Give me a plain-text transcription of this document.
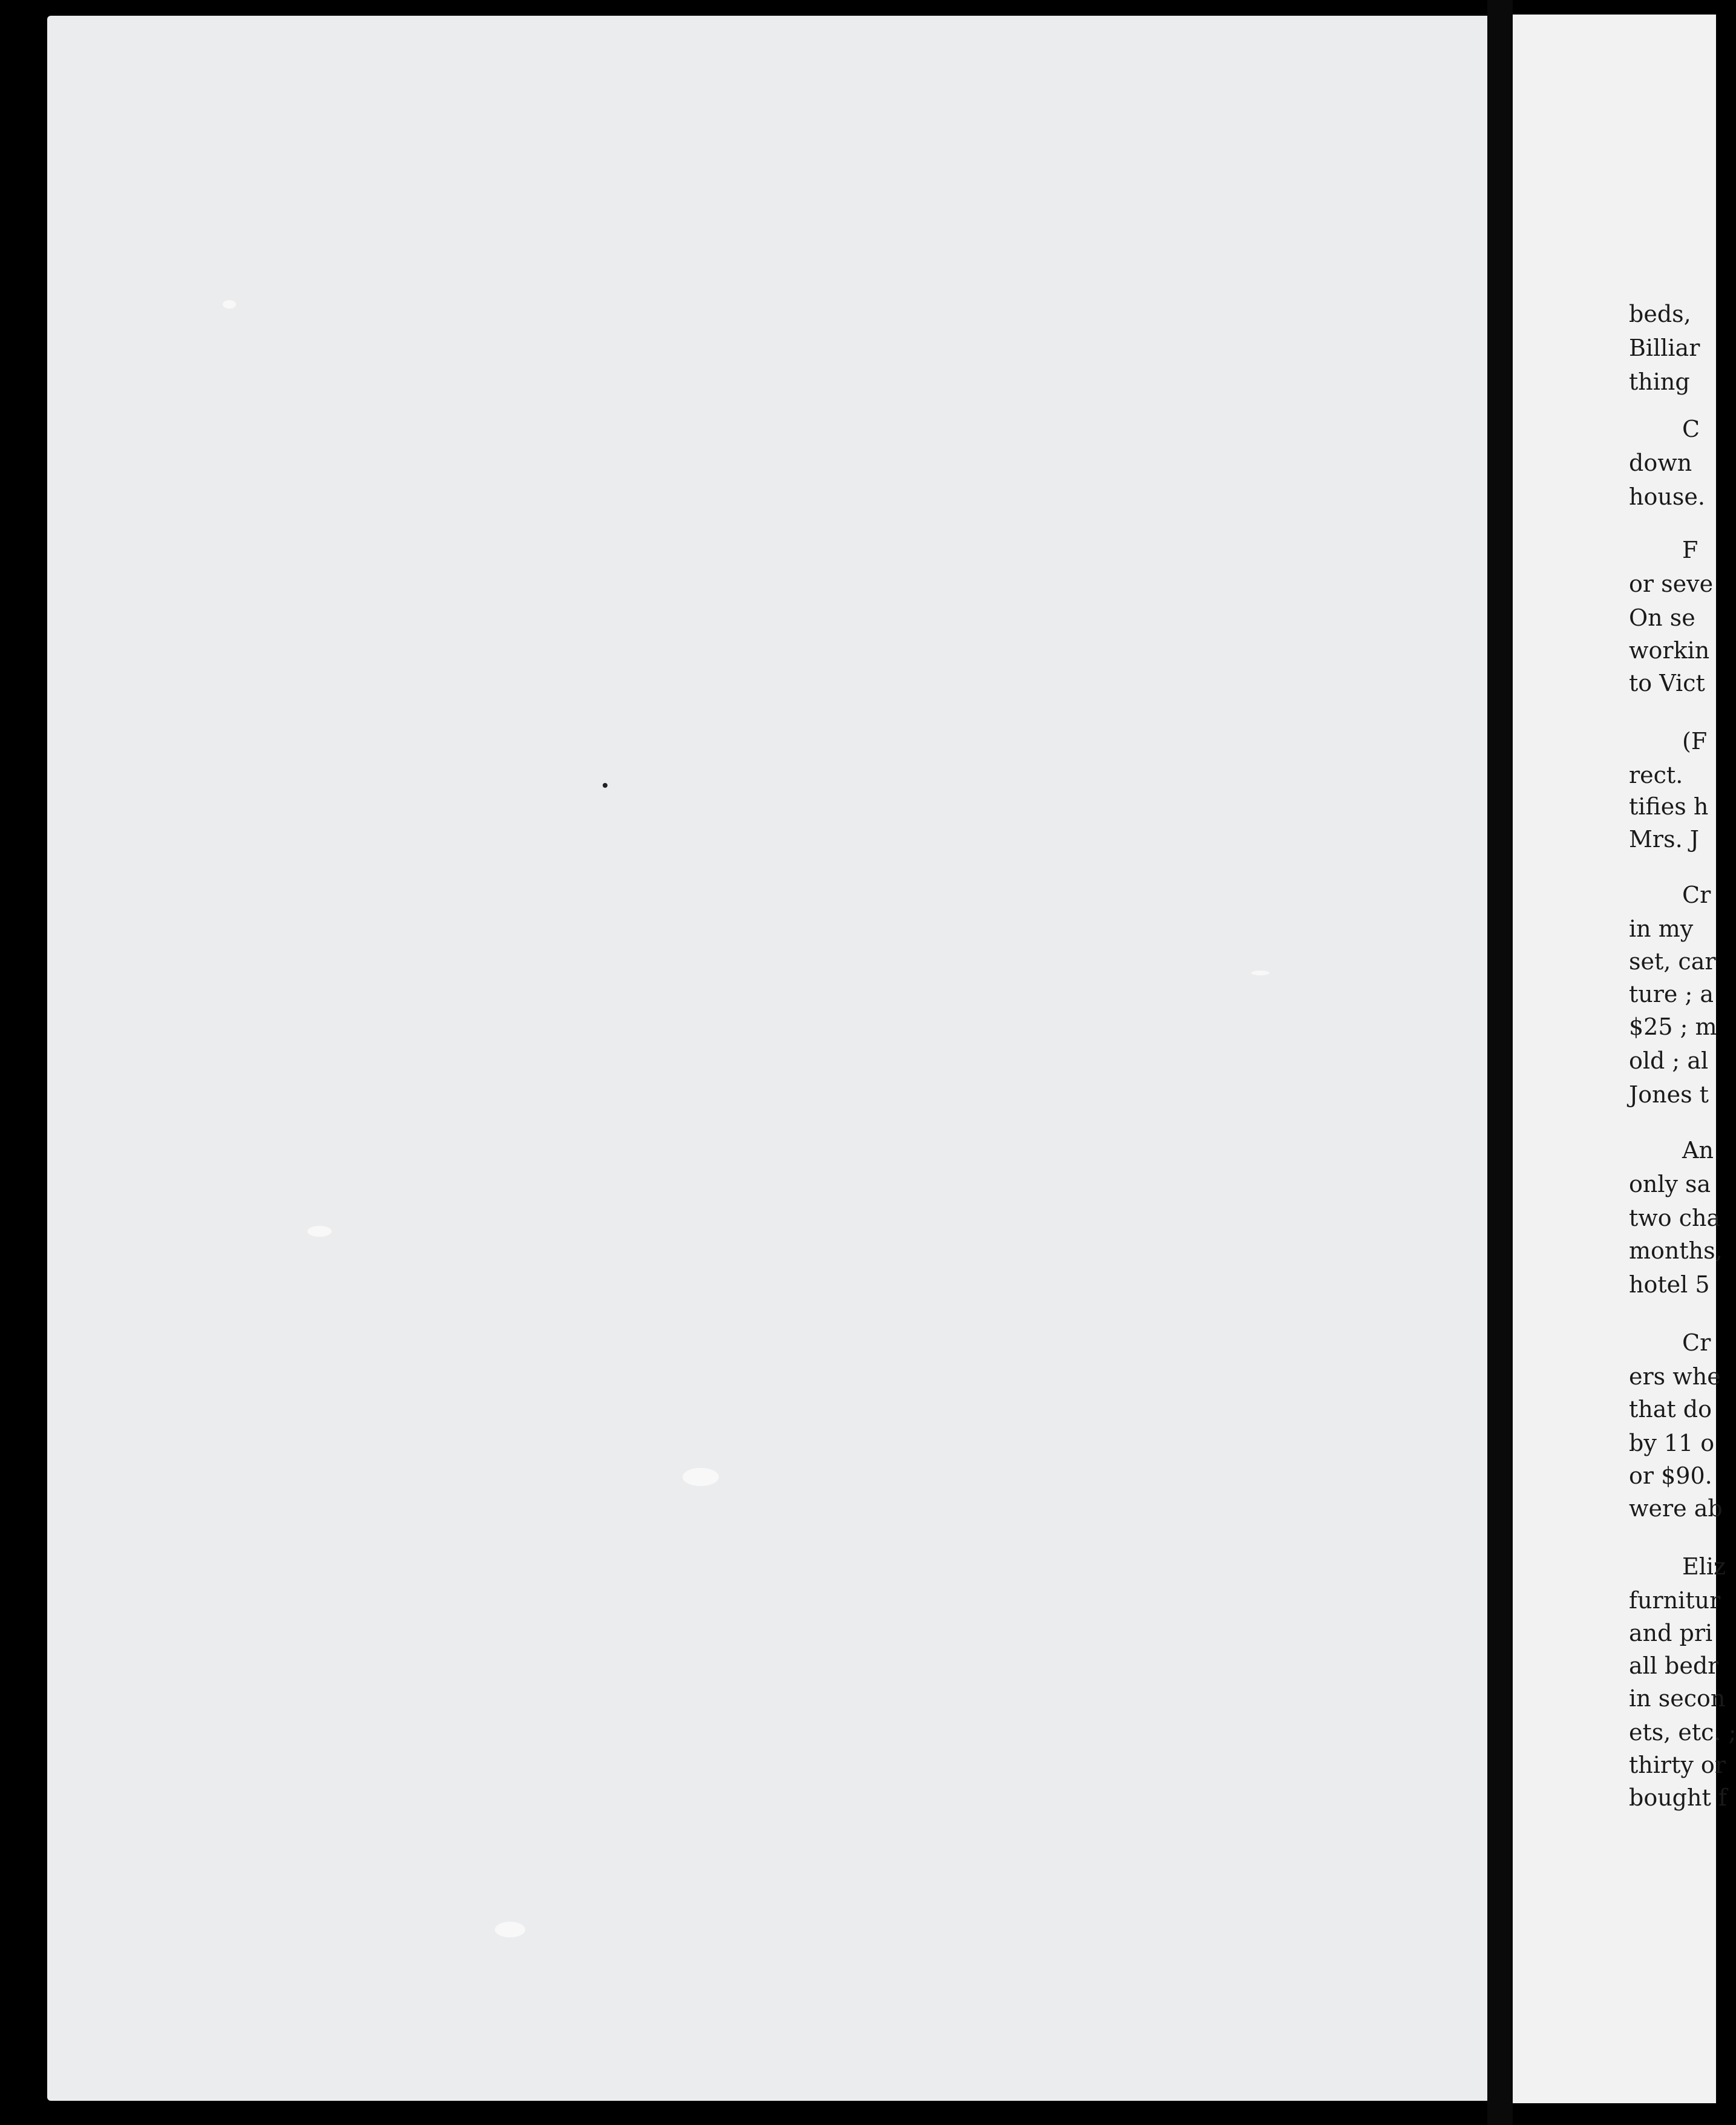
beds,
Billiar
thing
C
down
house.
F
or seve
On se
workin
to Vict
(F
rect.
tifies h
Mrs. J
Cr
in my
set, car
ture ; a
$25 ; m
old ; al
Jones t
An
only sa
two cha
months,
hotel 5
Cr
ers whe
that do
by 11 o
or $90.
were ab
Eliz
furnitur
and pri
all bedr
in secon
ets, etc. ;
thirty or
bought f
